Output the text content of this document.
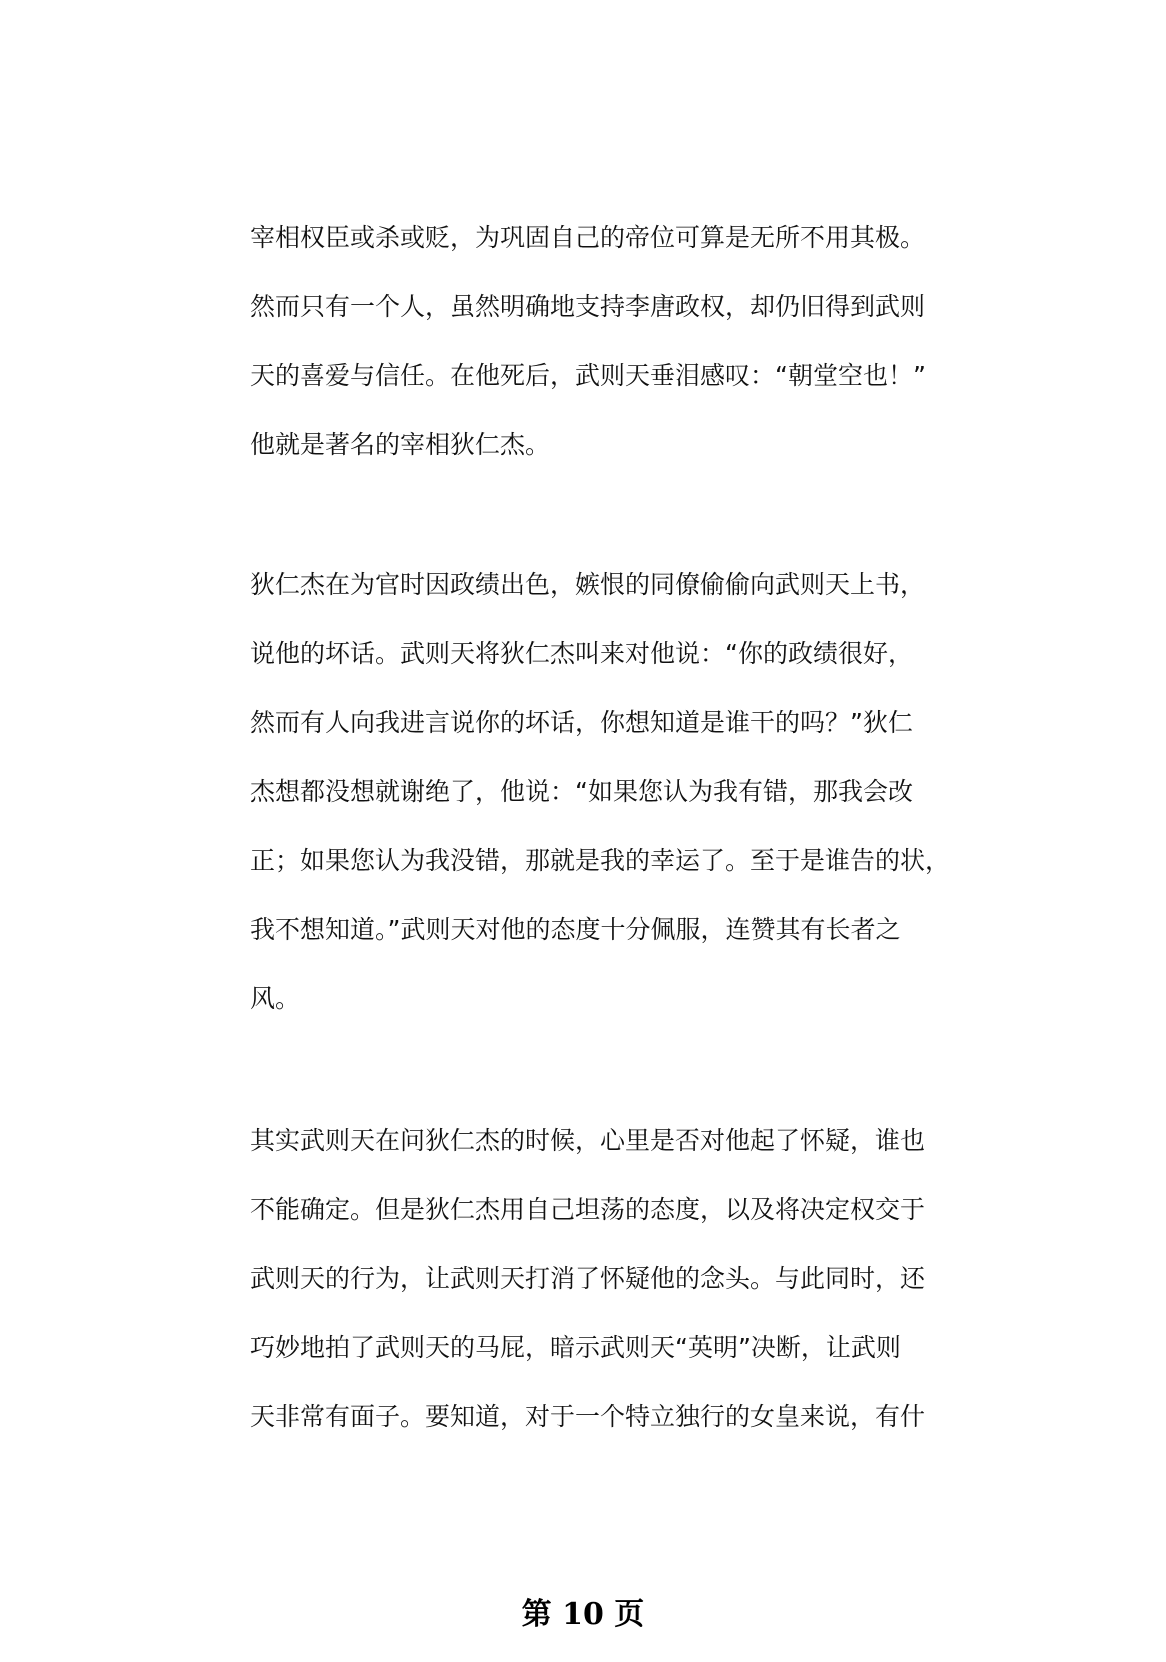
宰相权臣或杀或贬，为巩固自己的帝位可算是无所不用其极。
然而只有一个人，虽然明确地支持李唐政权，却仍旧得到武则
天的喜爱与信任。在他死后，武则天垂泪感叹：“朝堂空也！”
他就是著名的宰相狄仁杰。
狄仁杰在为官时因政绩出色，嫉恨的同僚偷偷向武则天上书，
说他的坏话。武则天将狄仁杰叫来对他说：“你的政绩很好，
然而有人向我进言说你的坏话，你想知道是谁干的吗？”狄仁
杰想都没想就谢绝了，他说：“如果您认为我有错，那我会改
正；如果您认为我没错，那就是我的幸运了。至于是谁告的状，
我不想知道。”武则天对他的态度十分佩服，连赞其有长者之
风。
其实武则天在问狄仁杰的时候，心里是否对他起了怀疑，谁也
不能确定。但是狄仁杰用自己坦荡的态度，以及将决定权交于
武则天的行为，让武则天打消了怀疑他的念头。与此同时，还
巧妙地拍了武则天的马屁，暗示武则天“英明”决断，让武则
天非常有面子。要知道，对于一个特立独行的女皇来说，有什
第 10 页
